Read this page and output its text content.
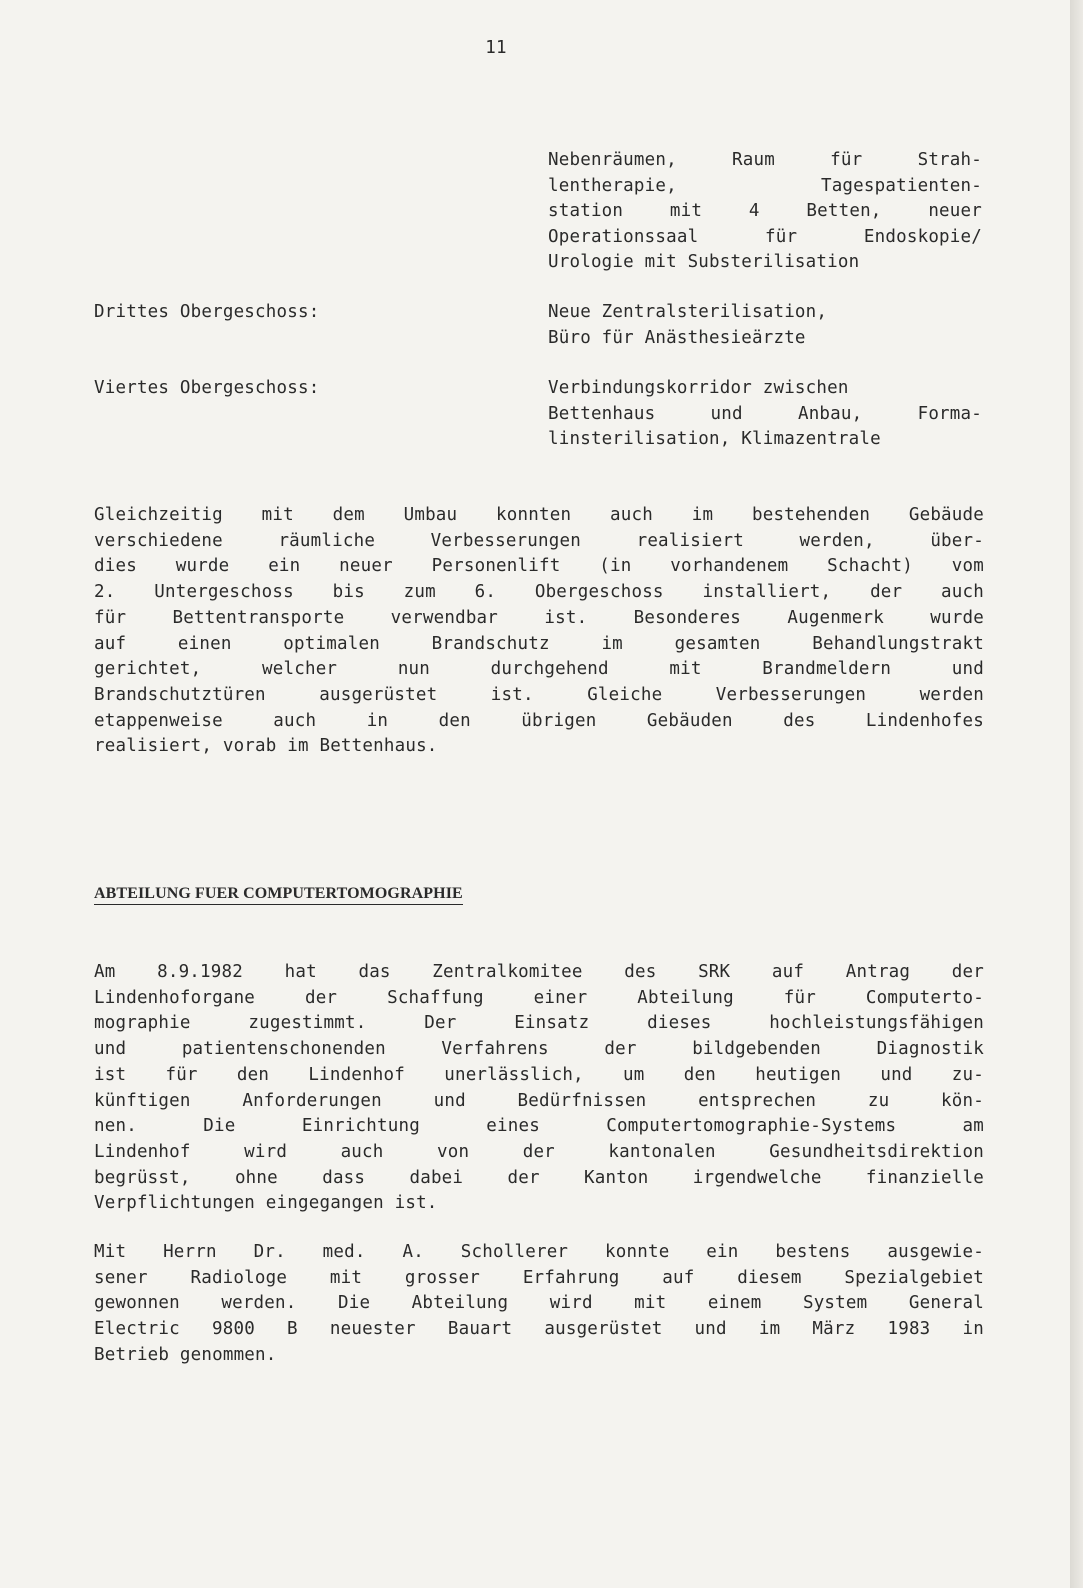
11
Nebenräumen, Raum für Strah-
lentherapie, Tagespatienten-
station mit 4 Betten, neuer
Operationssaal für Endoskopie/
Urologie mit Substerilisation
Drittes Obergeschoss:	Neue Zentralsterilisation,
Büro für Anästhesieärzte
Viertes Obergeschoss:	Verbindungskorridor zwischen
Bettenhaus und Anbau, Forma-
linsterilisation, Klimazentrale
Gleichzeitig mit dem Umbau konnten auch im bestehenden Gebäude
verschiedene räumliche Verbesserungen realisiert werden, über-
dies wurde ein neuer Personenlift (in vorhandenem Schacht) vom
2. Untergeschoss bis zum 6. Obergeschoss installiert, der auch
für Bettentransporte verwendbar ist. Besonderes Augenmerk wurde
auf einen optimalen Brandschutz im gesamten Behandlungstrakt
gerichtet, welcher nun durchgehend mit Brandmeldern und
Brandschutztüren ausgerüstet ist. Gleiche Verbesserungen werden
etappenweise auch in den übrigen Gebäuden des Lindenhofes
realisiert, vorab im Bettenhaus.
ABTEILUNG FUER COMPUTERTOMOGRAPHIE
Am 8.9.1982 hat das Zentralkomitee des SRK auf Antrag der
Lindenhoforgane der Schaffung einer Abteilung für Computerto-
mographie zugestimmt. Der Einsatz dieses hochleistungsfähigen
und patientenschonenden Verfahrens der bildgebenden Diagnostik
ist für den Lindenhof unerlässlich, um den heutigen und zu-
künftigen Anforderungen und Bedürfnissen entsprechen zu kön-
nen. Die Einrichtung eines Computertomographie-Systems am
Lindenhof wird auch von der kantonalen Gesundheitsdirektion
begrüsst, ohne dass dabei der Kanton irgendwelche finanzielle
Verpflichtungen eingegangen ist.
Mit Herrn Dr. med. A. Schollerer konnte ein bestens ausgewie-
sener Radiologe mit grosser Erfahrung auf diesem Spezialgebiet
gewonnen werden. Die Abteilung wird mit einem System General
Electric 9800 B neuester Bauart ausgerüstet und im März 1983 in
Betrieb genommen.
